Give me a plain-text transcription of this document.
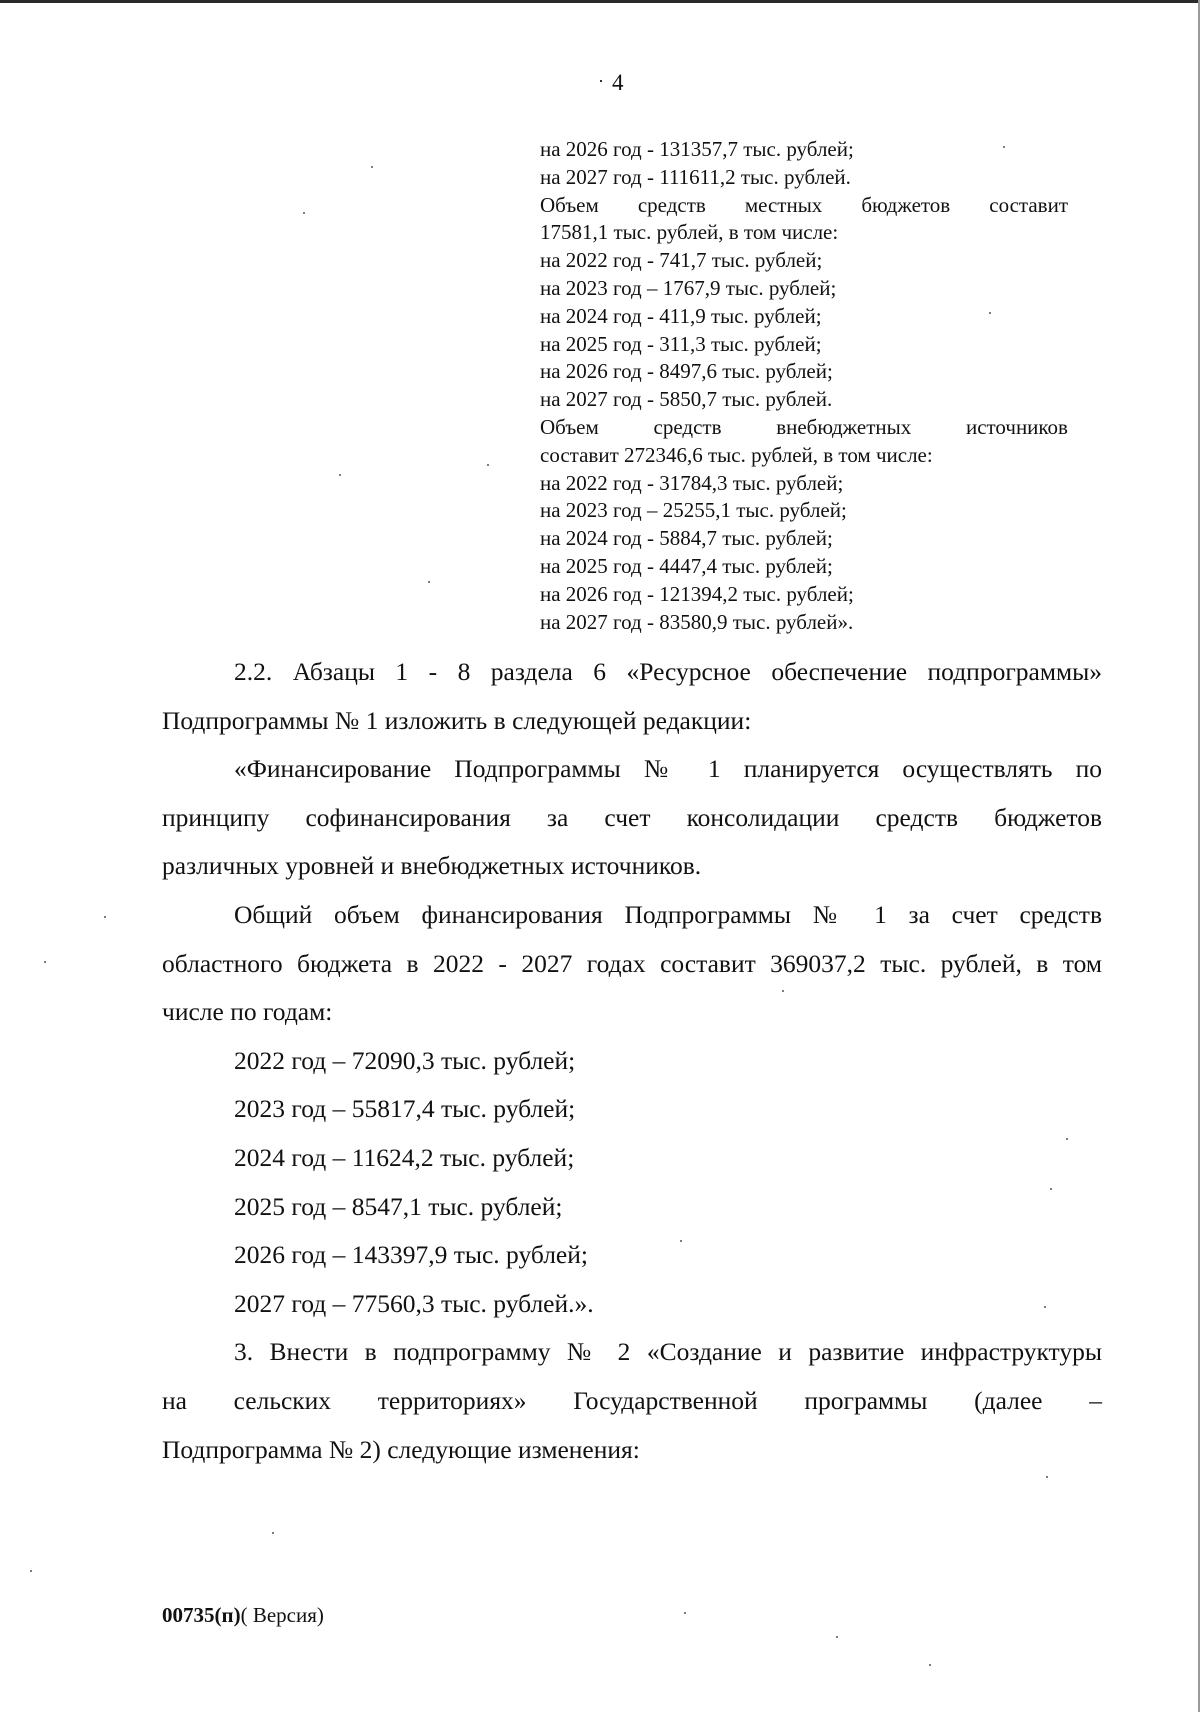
4
на 2026 год - 131357,7 тыс. рублей;
на 2027 год - 111611,2 тыс. рублей.
Объем средств местных бюджетов составит
17581,1 тыс. рублей, в том числе:
на 2022 год - 741,7 тыс. рублей;
на 2023 год – 1767,9 тыс. рублей;
на 2024 год - 411,9 тыс. рублей;
на 2025 год - 311,3 тыс. рублей;
на 2026 год - 8497,6 тыс. рублей;
на 2027 год - 5850,7 тыс. рублей.
Объем	средств	внебюджетных	источников
составит 272346,6 тыс. рублей, в том числе:
на 2022 год - 31784,3 тыс. рублей;
на 2023 год – 25255,1 тыс. рублей;
на 2024 год - 5884,7 тыс. рублей;
на 2025 год - 4447,4 тыс. рублей;
на 2026 год - 121394,2 тыс. рублей;
на 2027 год - 83580,9 тыс. рублей».
2.2. Абзацы 1 - 8 раздела 6 «Ресурсное обеспечение подпрограммы»
Подпрограммы № 1 изложить в следующей редакции:
«Финансирование Подпрограммы № 1 планируется осуществлять по
принципу софинансирования за счет консолидации средств бюджетов
различных уровней и внебюджетных источников.
Общий объем финансирования Подпрограммы № 1 за счет средств
областного бюджета в 2022 - 2027 годах составит 369037,2 тыс. рублей, в том
числе по годам:
2022 год – 72090,3 тыс. рублей;
2023 год – 55817,4 тыс. рублей;
2024 год – 11624,2 тыс. рублей;
2025 год – 8547,1 тыс. рублей;
2026 год – 143397,9 тыс. рублей;
2027 год – 77560,3 тыс. рублей.».
3. Внести в подпрограмму № 2 «Создание и развитие инфраструктуры
на сельских территориях» Государственной программы (далее –
Подпрограмма № 2) следующие изменения:
00735(п)( Версия)
